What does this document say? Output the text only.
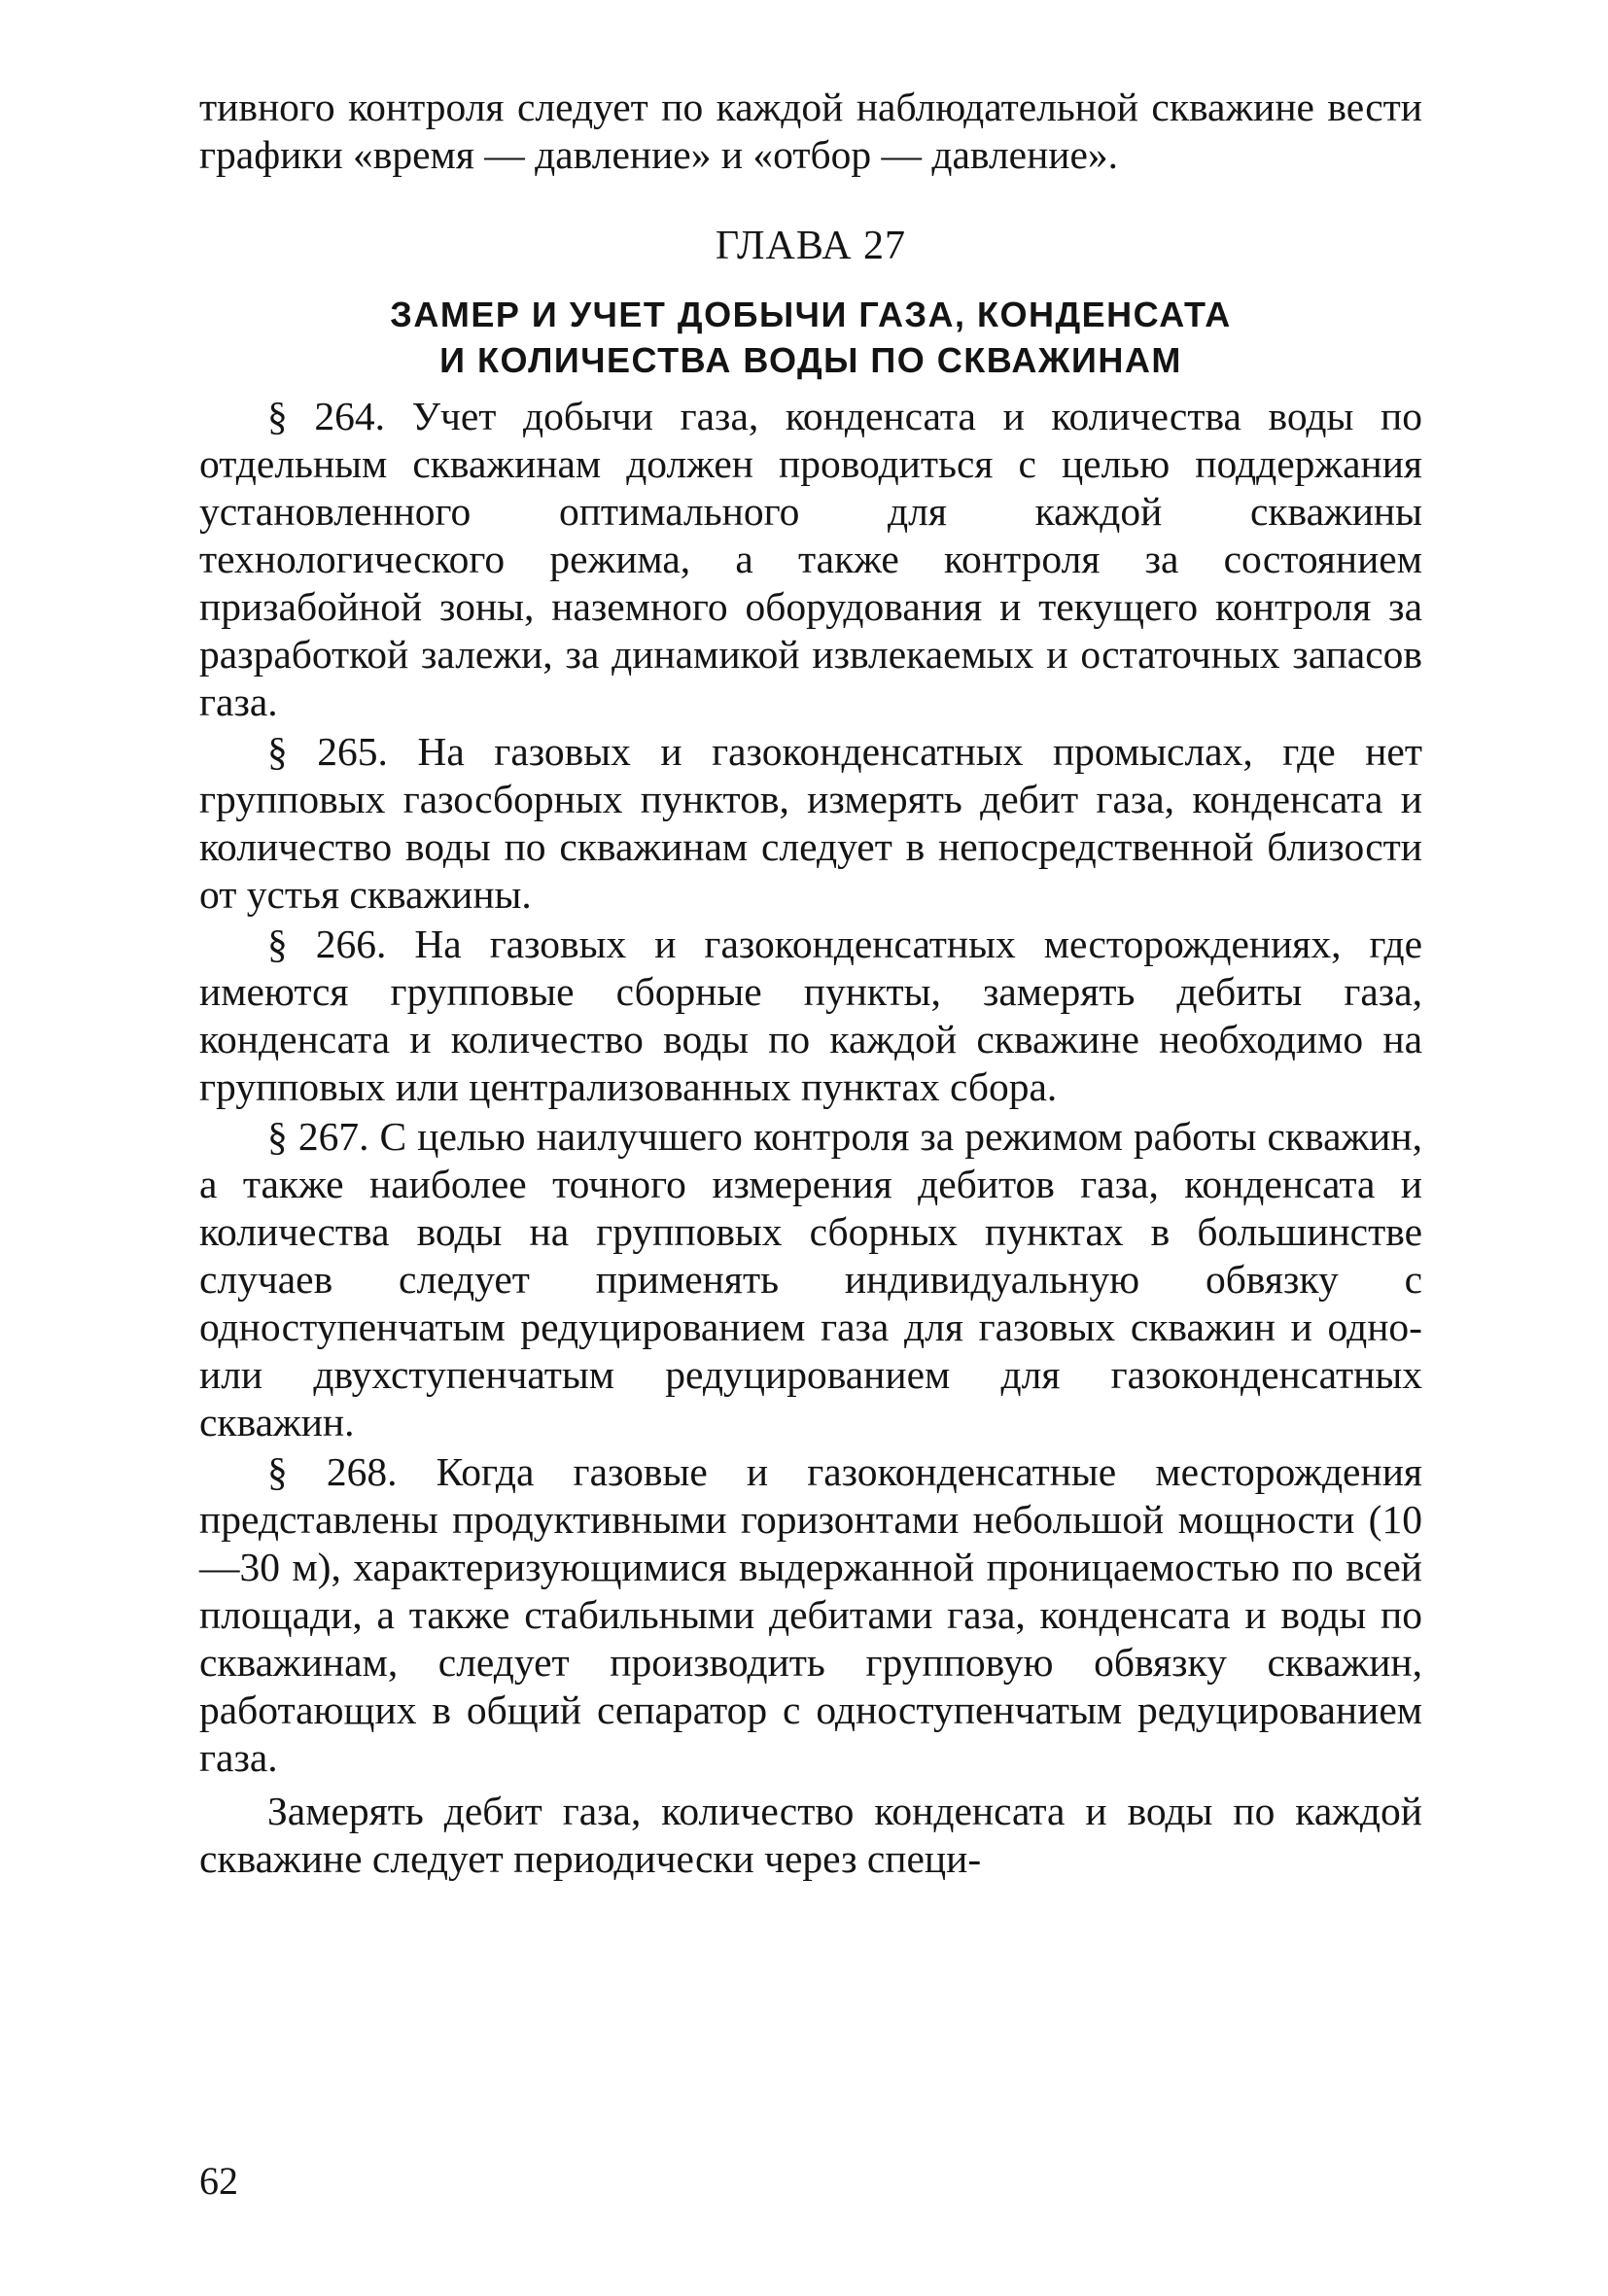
тивного контроля следует по каждой наблюдательной скважине вести графики «время — давление» и «отбор — давление».

ГЛАВА 27

ЗАМЕР И УЧЕТ ДОБЫЧИ ГАЗА, КОНДЕНСАТА

И КОЛИЧЕСТВА ВОДЫ ПО СКВАЖИНАМ

§ 264. Учет добычи газа, конденсата и количества воды по отдельным скважинам должен проводиться с целью поддержания установленного оптимального для каждой скважины технологического режима, а также контроля за состоянием призабойной зоны, наземного оборудования и текущего контроля за разработкой залежи, за динамикой извлекаемых и остаточных запасов газа.

§ 265. На газовых и газоконденсатных промыслах, где нет групповых газосборных пунктов, измерять дебит газа, конденсата и количество воды по скважинам следует в непосредственной близости от устья скважины.

§ 266. На газовых и газоконденсатных месторождениях, где имеются групповые сборные пункты, замерять дебиты газа, конденсата и количество воды по каждой скважине необходимо на групповых или централизованных пунктах сбора.

§ 267. С целью наилучшего контроля за режимом работы скважин, а также наиболее точного измерения дебитов газа, конденсата и количества воды на групповых сборных пунктах в большинстве случаев следует применять индивидуальную обвязку с одноступенчатым редуцированием газа для газовых скважин и одно- или двухступенчатым редуцированием для газоконденсатных скважин.

§ 268. Когда газовые и газоконденсатные месторождения представлены продуктивными горизонтами небольшой мощности (10—30 м), характеризующимися выдержанной проницаемостью по всей площади, а также стабильными дебитами газа, конденсата и воды по скважинам, следует производить групповую обвязку скважин, работающих в общий сепаратор с одноступенчатым редуцированием газа.

Замерять дебит газа, количество конденсата и воды по каждой скважине следует периодически через специ-

62
